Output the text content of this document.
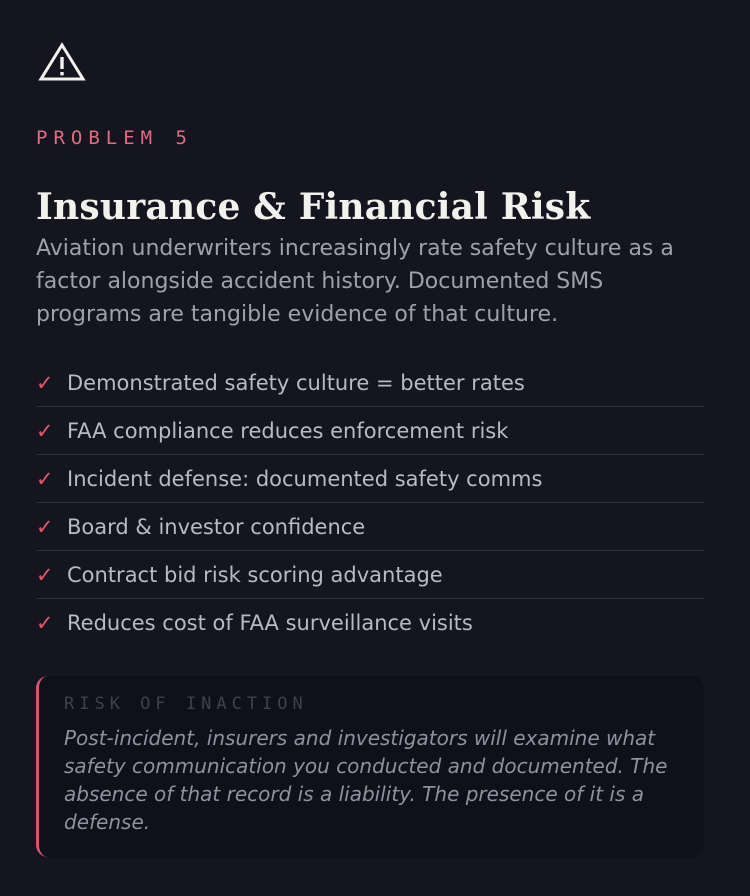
PROBLEM 5
Insurance & Financial Risk

Aviation underwriters increasingly rate safety culture as a factor alongside accident history. Documented SMS programs are tangible evidence of that culture.

✓ Demonstrated safety culture = better rates
✓ FAA compliance reduces enforcement risk
✓ Incident defense: documented safety comms
✓ Board & investor confidence
✓ Contract bid risk scoring advantage
✓ Reduces cost of FAA surveillance visits
RISK OF INACTION

Post-incident, insurers and investigators will examine what safety communication you conducted and documented. The absence of that record is a liability. The presence of it is a defense.
